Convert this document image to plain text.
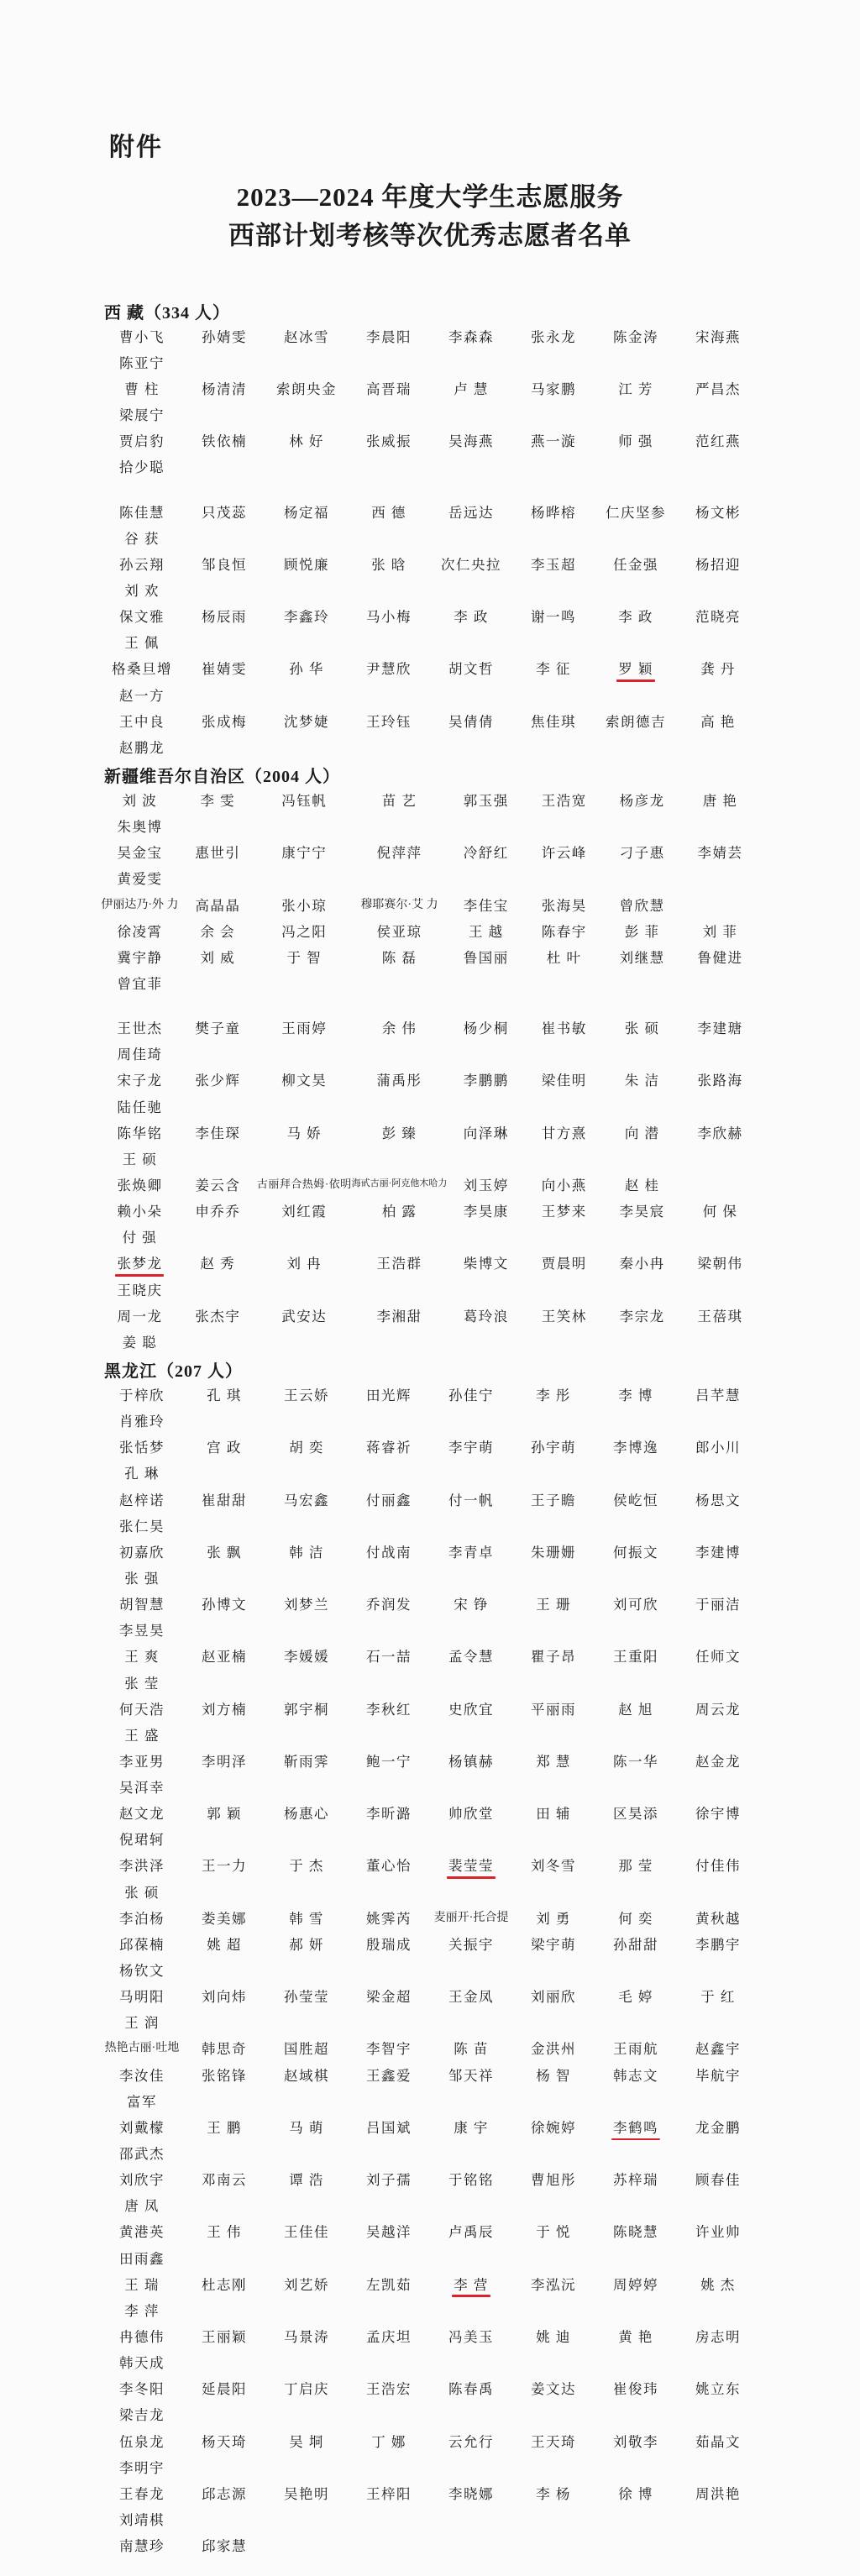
附件
2023—2024 年度大学生志愿服务
西部计划考核等次优秀志愿者名单
西 藏（334 人）
曹小飞	孙婧雯	赵冰雪	李晨阳	李森森	张永龙	陈金涛	宋海燕
陈亚宁
曹 柱	杨清清	索朗央金	高晋瑞	卢 慧	马家鹏	江 芳	严昌杰
梁展宁
贾启豹	铁依楠	林 好	张威振	吴海燕	燕一漩	师 强	范红燕
拾少聪
陈佳慧	只茂蕊	杨定福	西 德	岳远达	杨晔榕	仁庆坚参	杨文彬
谷 获
孙云翔	邹良恒	顾悦廉	张 晗	次仁央拉	李玉超	任金强	杨招迎
刘 欢
保文雅	杨辰雨	李鑫玲	马小梅	李 政	谢一鸣	李 政	范晓亮
王 佩
格桑旦增	崔婧雯	孙 华	尹慧欣	胡文哲	李 征	罗 颖	龚 丹
赵一方
王中良	张成梅	沈梦婕	王玲钰	吴倩倩	焦佳琪	索朗德吉	高 艳
赵鹏龙
新疆维吾尔自治区（2004 人）
刘 波	李 雯	冯钰帆	苗 艺	郭玉强	王浩宽	杨彦龙	唐 艳
朱奥博
吴金宝	惠世引	康宁宁	倪萍萍	冷舒红	许云峰	刁子惠	李婧芸
黄爱雯
伊丽达乃·外 力	高晶晶	张小琼	穆耶赛尔·艾 力	李佳宝	张海昊	曾欣慧
徐凌霄	余 会	冯之阳	侯亚琼	王 越	陈春宇	彭 菲	刘 菲
冀宇静	刘 威	于 智	陈 磊	鲁国丽	杜 叶	刘继慧	鲁健进
曾宜菲
王世杰	樊子童	王雨婷	余 伟	杨少桐	崔书敏	张 硕	李建瑭
周佳琦
宋子龙	张少辉	柳文昊	蒲禹彤	李鹏鹏	梁佳明	朱 洁	张路海
陆任驰
陈华铭	李佳琛	马 娇	彭 臻	向泽琳	甘方熹	向 潜	李欣赫
王 硕
张焕卿	姜云含	古丽拜合热姆·依明 海甙古丽·阿克他木哈力	刘玉婷	向小燕	赵 桂
赖小朵	申乔乔	刘红霞	柏 露	李昊康	王梦来	李昊宸	何 保
付 强
张梦龙	赵 秀	刘 冉	王浩群	柴博文	贾晨明	秦小冉	梁朝伟
王晓庆
周一龙	张杰宇	武安达	李湘甜	葛玲浪	王笑林	李宗龙	王蓓琪
姜 聪
黑龙江（207 人）
于梓欣	孔 琪	王云娇	田光辉	孙佳宁	李 彤	李 博	吕芊慧
肖雅玲
张恬梦	宫 政	胡 奕	蒋睿祈	李宇萌	孙宇萌	李博逸	郎小川
孔 琳
赵梓诺	崔甜甜	马宏鑫	付丽鑫	付一帆	王子瞻	侯屹恒	杨思文
张仁昊
初嘉欣	张 飘	韩 洁	付战南	李青卓	朱珊姗	何振文	李建博
张 强
胡智慧	孙博文	刘梦兰	乔润发	宋 铮	王 珊	刘可欣	于丽洁
李昱昊
王 爽	赵亚楠	李媛媛	石一喆	孟令慧	瞿子昂	王重阳	任师文
张 莹
何天浩	刘方楠	郭宇桐	李秋红	史欣宜	平丽雨	赵 旭	周云龙
王 盛
李亚男	李明泽	靳雨霁	鲍一宁	杨镇赫	郑 慧	陈一华	赵金龙
吴洱幸
赵文龙	郭 颖	杨惠心	李昕潞	帅欣堂	田 辅	区昊添	徐宇博
倪珺轲
李洪泽	王一力	于 杰	董心怡	裴莹莹	刘冬雪	那 莹	付佳伟
张 硕
李泊杨	娄美娜	韩 雪	姚霁芮	麦丽开·托合提	刘 勇	何 奕	黄秋越
邱葆楠	姚 超	郝 妍	殷瑞成	关振宇	梁宇萌	孙甜甜	李鹏宇
杨钦文
马明阳	刘向炜	孙莹莹	梁金超	王金凤	刘丽欣	毛 婷	于 红
王 润
热艳古丽·吐地	韩思奇	国胜超	李智宇	陈 苗	金洪州	王雨航	赵鑫宇
李汝佳	张铭锋	赵域棋	王鑫爱	邹天祥	杨 智	韩志文	毕航宇
富军
刘戴檬	王 鹏	马 萌	吕国斌	康 宇	徐婉婷	李鹤鸣	龙金鹏
邵武杰
刘欣宇	邓南云	谭 浩	刘子孺	于铭铭	曹旭彤	苏梓瑞	顾春佳
唐 凤
黄港英	王 伟	王佳佳	吴越洋	卢禹辰	于 悦	陈晓慧	许业帅
田雨鑫
王 瑞	杜志刚	刘艺娇	左凯茹	李 营	李泓沅	周婷婷	姚 杰
李 萍
冉德伟	王丽颖	马景涛	孟庆坦	冯美玉	姚 迪	黄 艳	房志明
韩天成
李冬阳	延晨阳	丁启庆	王浩宏	陈春禹	姜文达	崔俊玮	姚立东
梁吉龙
伍泉龙	杨天琦	吴 垌	丁 娜	云允行	王天琦	刘敬李	茹晶文
李明宇
王春龙	邱志源	吴艳明	王梓阳	李晓娜	李 杨	徐 博	周洪艳
刘靖棋
南慧珍	邱家慧
